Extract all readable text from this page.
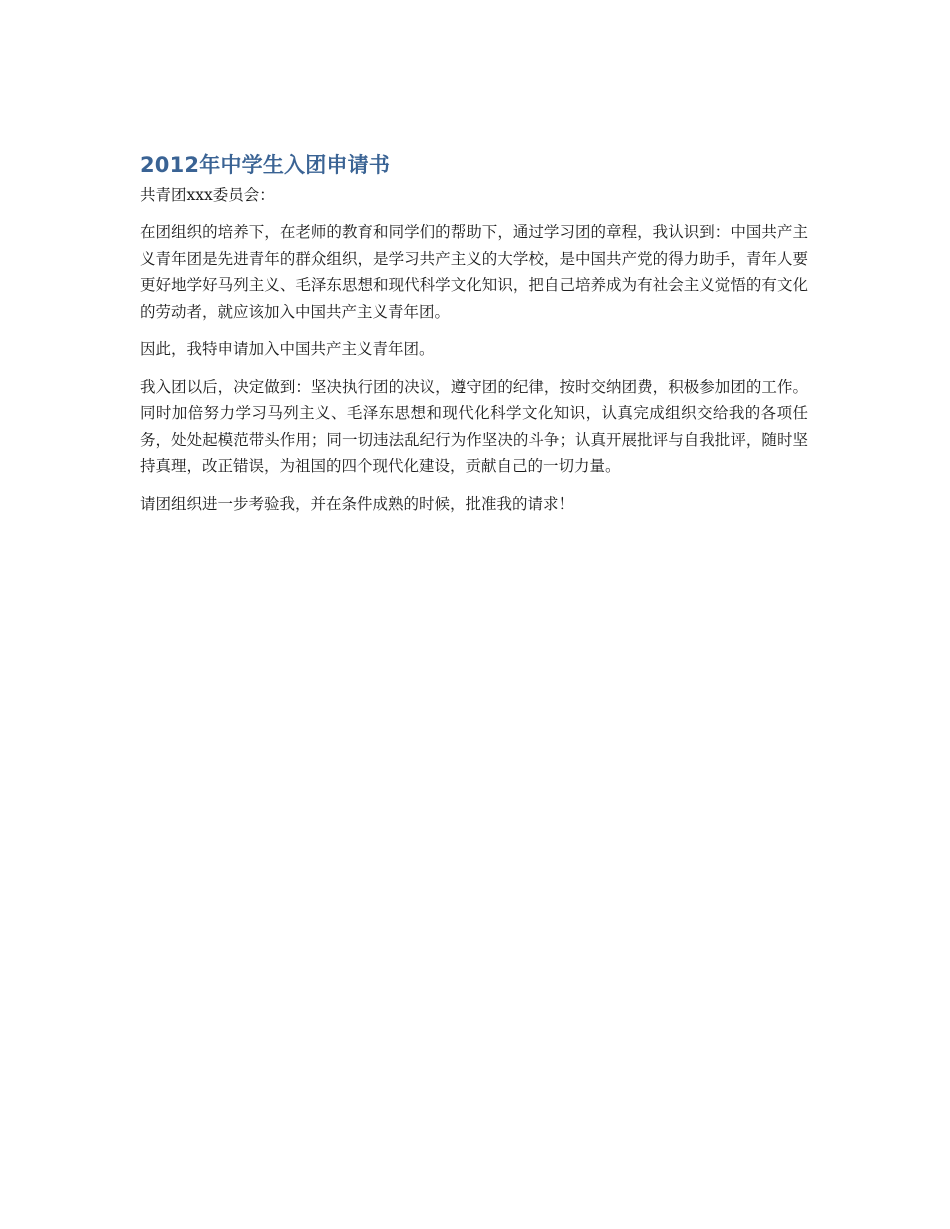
2012年中学生入团申请书

共青团xxx委员会：

在团组织的培养下，在老师的教育和同学们的帮助下，通过学习团的章程，我认识到：中国共产主义青年团是先进青年的群众组织，是学习共产主义的大学校，是中国共产党的得力助手，青年人要更好地学好马列主义、毛泽东思想和现代科学文化知识，把自己培养成为有社会主义觉悟的有文化的劳动者，就应该加入中国共产主义青年团。

因此，我特申请加入中国共产主义青年团。

我入团以后，决定做到：坚决执行团的决议，遵守团的纪律，按时交纳团费，积极参加团的工作。同时加倍努力学习马列主义、毛泽东思想和现代化科学文化知识，认真完成组织交给我的各项任务，处处起模范带头作用；同一切违法乱纪行为作坚决的斗争；认真开展批评与自我批评，随时坚持真理，改正错误，为祖国的四个现代化建设，贡献自己的一切力量。

请团组织进一步考验我，并在条件成熟的时候，批准我的请求！
